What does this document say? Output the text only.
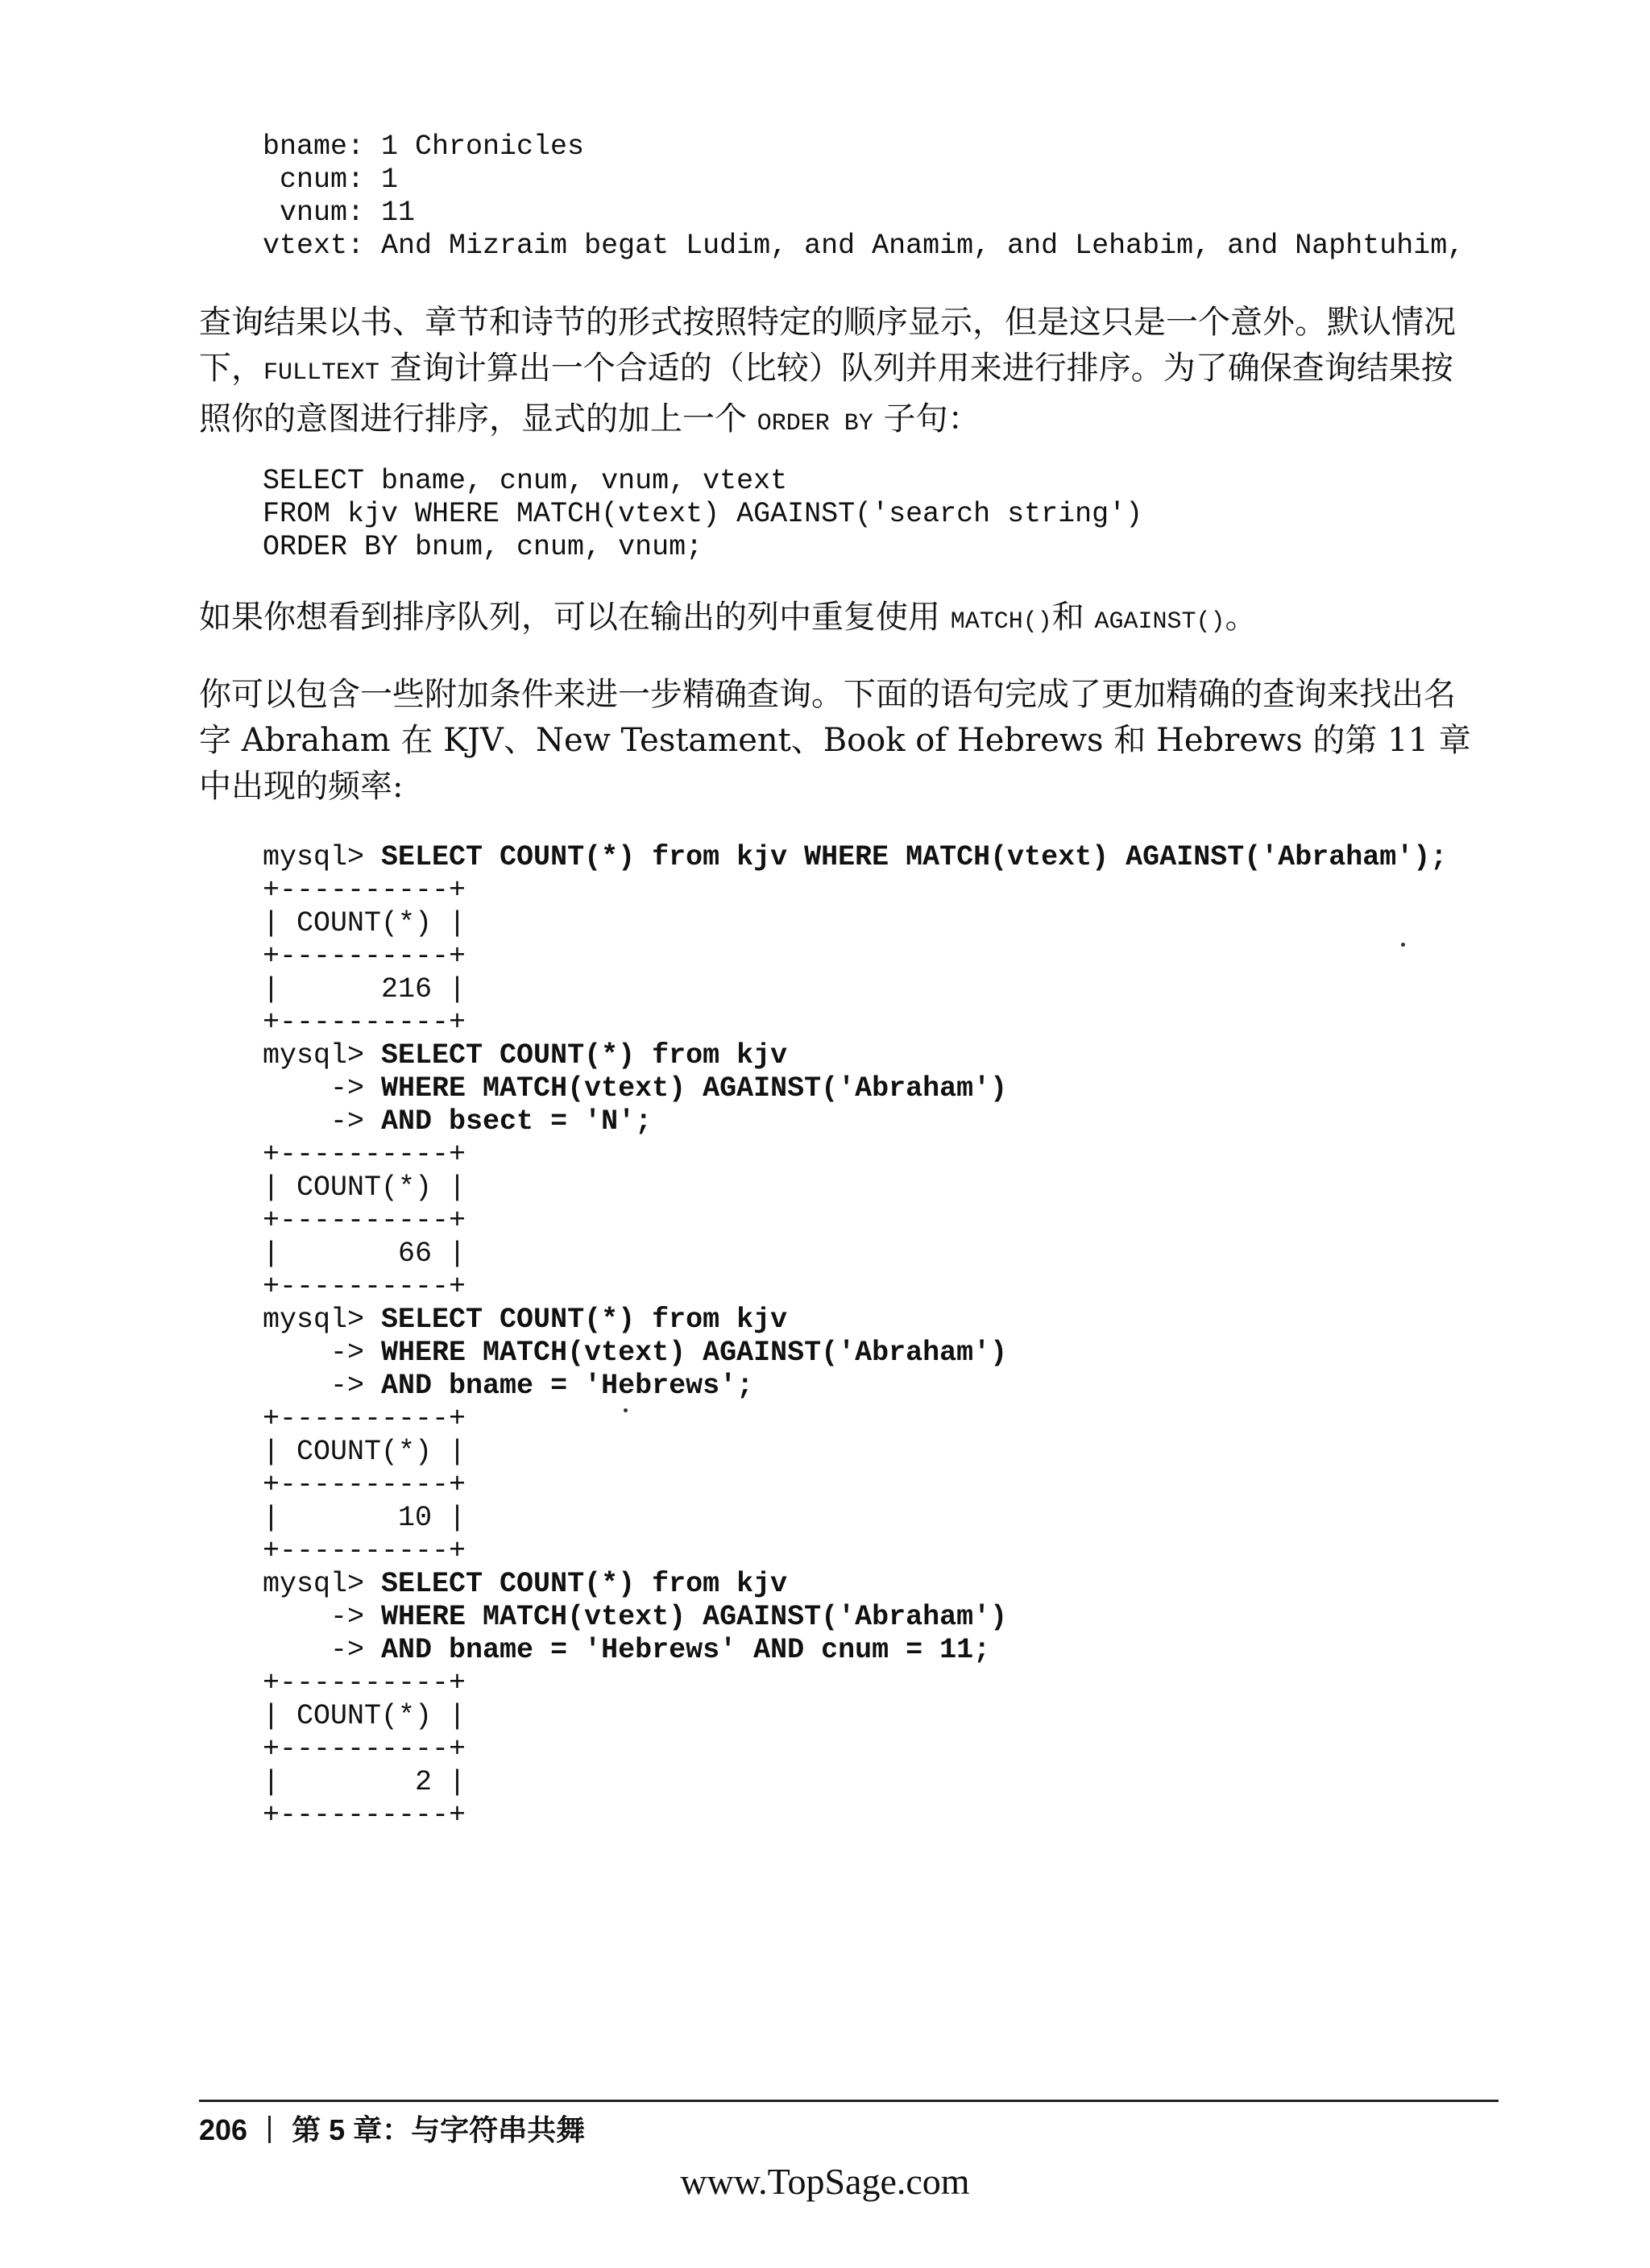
bname: 1 Chronicles
cnum: 1
vnum: 11
vtext: And Mizraim begat Ludim, and Anamim, and Lehabim, and Naphtuhim,
查询结果以书、章节和诗节的形式按照特定的顺序显示，但是这只是一个意外。默认情况下，FULLTEXT 查询计算出一个合适的（比较）队列并用来进行排序。为了确保查询结果按照你的意图进行排序，显式的加上一个 ORDER BY 子句：
SELECT bname, cnum, vnum, vtext
FROM kjv WHERE MATCH(vtext) AGAINST('search string')
ORDER BY bnum, cnum, vnum;
如果你想看到排序队列，可以在输出的列中重复使用 MATCH()和 AGAINST()。
你可以包含一些附加条件来进一步精确查询。下面的语句完成了更加精确的查询来找出名字 Abraham 在 KJV、New Testament、Book of Hebrews 和 Hebrews 的第 11 章中出现的频率:
mysql> SELECT COUNT(*) from kjv WHERE MATCH(vtext) AGAINST('Abraham');
+----------+
| COUNT(*) |
+----------+
|      216 |
+----------+
mysql> SELECT COUNT(*) from kjv
-> WHERE MATCH(vtext) AGAINST('Abraham')
-> AND bsect = 'N';
+----------+
| COUNT(*) |
+----------+
|       66 |
+----------+
mysql> SELECT COUNT(*) from kjv
-> WHERE MATCH(vtext) AGAINST('Abraham')
-> AND bname = 'Hebrews';
+----------+
| COUNT(*) |
+----------+
|       10 |
+----------+
mysql> SELECT COUNT(*) from kjv
-> WHERE MATCH(vtext) AGAINST('Abraham')
-> AND bname = 'Hebrews' AND cnum = 11;
+----------+
| COUNT(*) |
+----------+
|        2 |
+----------+
206 第 5 章：与字符串共舞
www.TopSage.com
